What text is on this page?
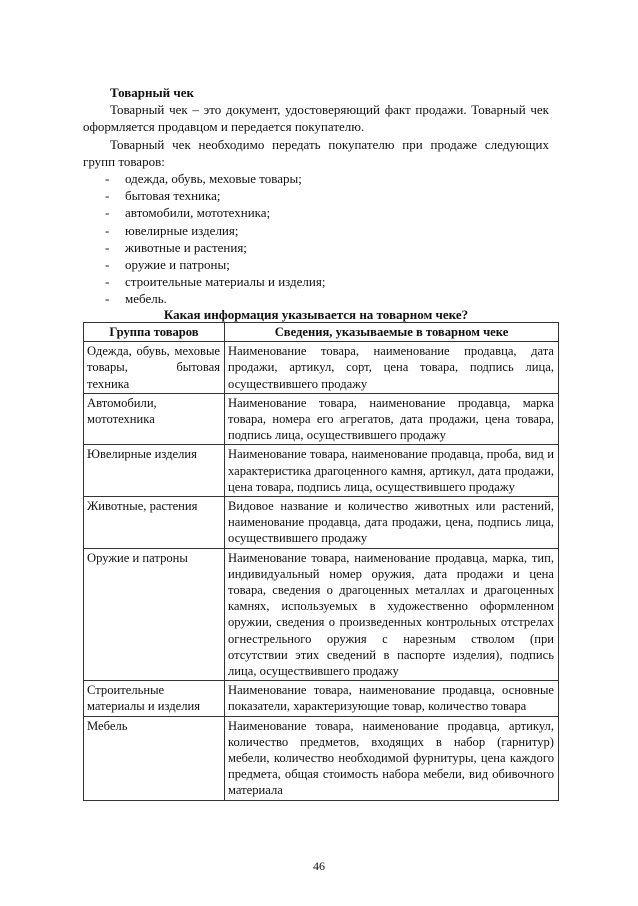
Товарный чек

Товарный чек – это документ, удостоверяющий факт продажи. Товарный чек оформляется продавцом и передается покупателю.

Товарный чек необходимо передать покупателю при продаже следующих групп товаров:

- одежда, обувь, меховые товары;
- бытовая техника;
- автомобили, мототехника;
- ювелирные изделия;
- животные и растения;
- оружие и патроны;
- строительные материалы и изделия;
- мебель.
Какая информация указывается на товарном чеке?
Группа товаров	Сведения, указываемые в товарном чеке
Одежда, обувь, меховые товары, бытовая техника	Наименование товара, наименование продавца, дата продажи, артикул, сорт, цена товара, подпись лица, осуществившего продажу
Автомобили, мототехника	Наименование товара, наименование продавца, марка товара, номера его агрегатов, дата продажи, цена товара, подпись лица, осуществившего продажу
Ювелирные изделия	Наименование товара, наименование продавца, проба, вид и характеристика драгоценного камня, артикул, дата продажи, цена товара, подпись лица, осуществившего продажу
Животные, растения	Видовое название и количество животных или растений, наименование продавца, дата продажи, цена, подпись лица, осуществившего продажу
Оружие и патроны	Наименование товара, наименование продавца, марка, тип, индивидуальный номер оружия, дата продажи и цена товара, сведения о драгоценных металлах и драгоценных камнях, используемых в художественно оформленном оружии, сведения о произведенных контрольных отстрелах огнестрельного оружия с нарезным стволом (при отсутствии этих сведений в паспорте изделия), подпись лица, осуществившего продажу
Строительные материалы и изделия	Наименование товара, наименование продавца, основные показатели, характеризующие товар, количество товара
Мебель	Наименование товара, наименование продавца, артикул, количество предметов, входящих в набор (гарнитур) мебели, количество необходимой фурнитуры, цена каждого предмета, общая стоимость набора мебели, вид обивочного материала
46
